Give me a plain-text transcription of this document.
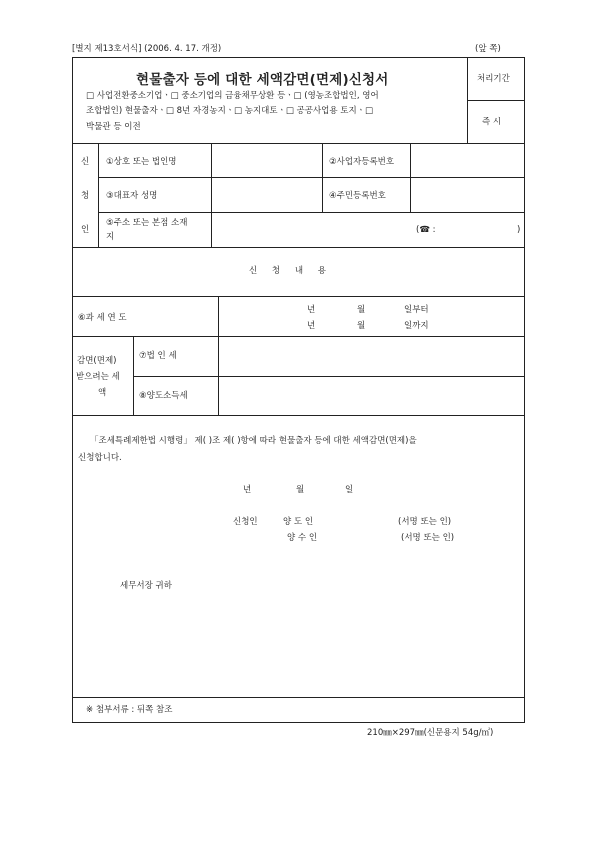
[별지 제13호서식] (2006. 4. 17. 개정)	(앞 쪽)
현물출자 등에 대한 세액감면(면제)신청서
□ 사업전환중소기업ㆍ□ 중소기업의 금융채무상환 등ㆍ□ (영농조합법인, 영어
조합법인) 현물출자ㆍ□ 8년 자경농지ㆍ□ 농지대토ㆍ□ 공공사업용 토지ㆍ□
박물관 등 이전
처리기간
즉 시
신
청
인
①상호 또는 법인명	②사업자등록번호
③대표자 성명	④주민등록번호
⑤주소 또는 본점 소재
지
(☎ :	)
신 청 내 용
⑥과 세 연 도
년	월	일부터
년	월	일까지
감면(면제)
받으려는 세
액
⑦법 인 세
⑧양도소득세
「조세특례제한법 시행령」 제( )조 제( )항에 따라 현물출자 등에 대한 세액감면(면제)을
신청합니다.
년	월	일
신청인	양 도 인	(서명 또는 인)
양 수 인	(서명 또는 인)
세무서장 귀하
※ 첨부서류 : 뒤쪽 참조
210㎜×297㎜(신문용지 54g/㎡)
